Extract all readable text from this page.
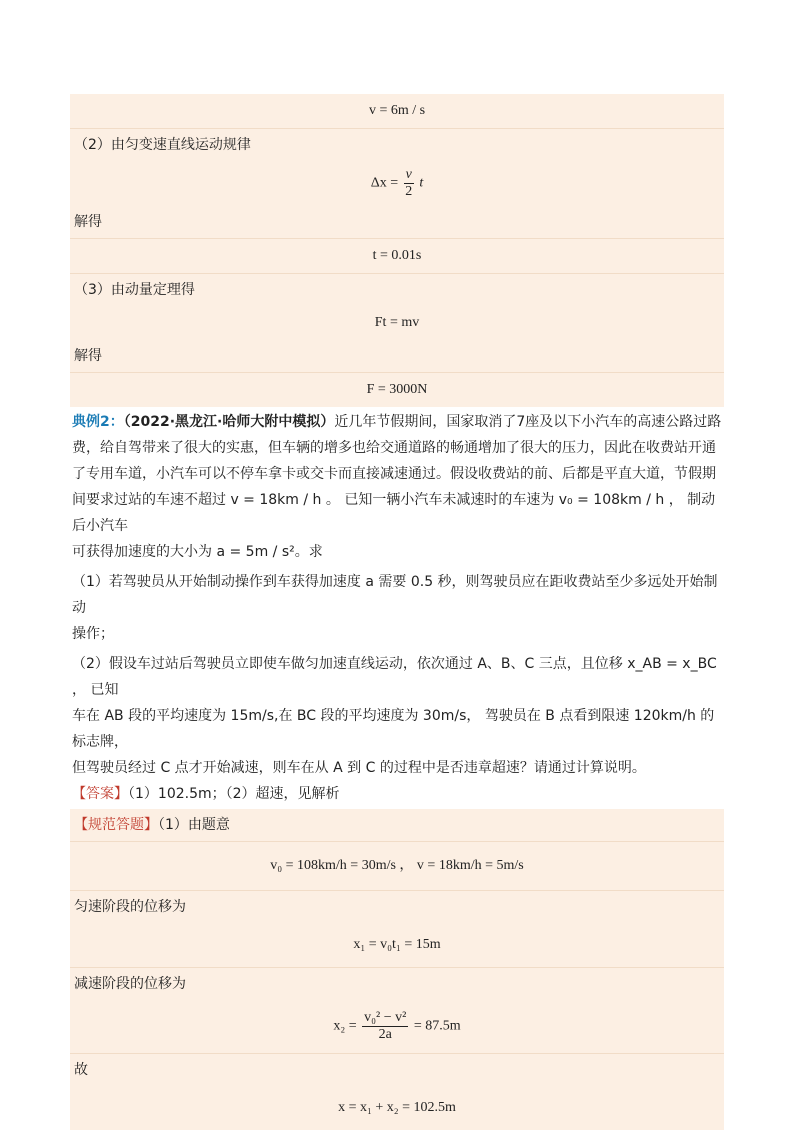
v = 6m / s
（2）由匀变速直线运动规律
$\Delta x = \frac{v}{2}$ t
解得
t = 0.01s
（3）由动量定理得
Ft = mv
解得
F = 3000N
典例2：（2022·黑龙江·哈师大附中模拟）近几年节假期间，国家取消了7座及以下小汽车的高速公路过路
费，给自驾带来了很大的实惠，但车辆的增多也给交通道路的畅通增加了很大的压力，因此在收费站开通
了专用车道，小汽车可以不停车拿卡或交卡而直接减速通过。假设收费站的前、后都是平直大道，节假期
间要求过站的车速不超过 v = 18km / h 。 已知一辆小汽车未减速时的车速为 v₀ = 108km / h ， 制动后小汽车
可获得加速度的大小为 a = 5m / s²。求
（1）若驾驶员从开始制动操作到车获得加速度 a 需要 0.5 秒，则驾驶员应在距收费站至少多远处开始制动
操作；
（2）假设车过站后驾驶员立即使车做匀加速直线运动，依次通过 A、B、C 三点，且位移 x_AB = x_BC ， 已知
车在 AB 段的平均速度为 15m/s,在 BC 段的平均速度为 30m/s， 驾驶员在 B 点看到限速 120km/h 的标志牌，
但驾驶员经过 C 点才开始减速，则车在从 A 到 C 的过程中是否违章超速？请通过计算说明。
【答案】（1）102.5m；（2）超速，见解析
【规范答题】（1）由题意
v₀ = 108km/h = 30m/s ， v = 18km/h = 5m/s
匀速阶段的位移为
x₁ = v₀t₁ = 15m
减速阶段的位移为
$x_2 = \frac{\text{v₀² − v²}}{2a} = 87.5m$
故
x = x₁ + x₂ = 102.5m
